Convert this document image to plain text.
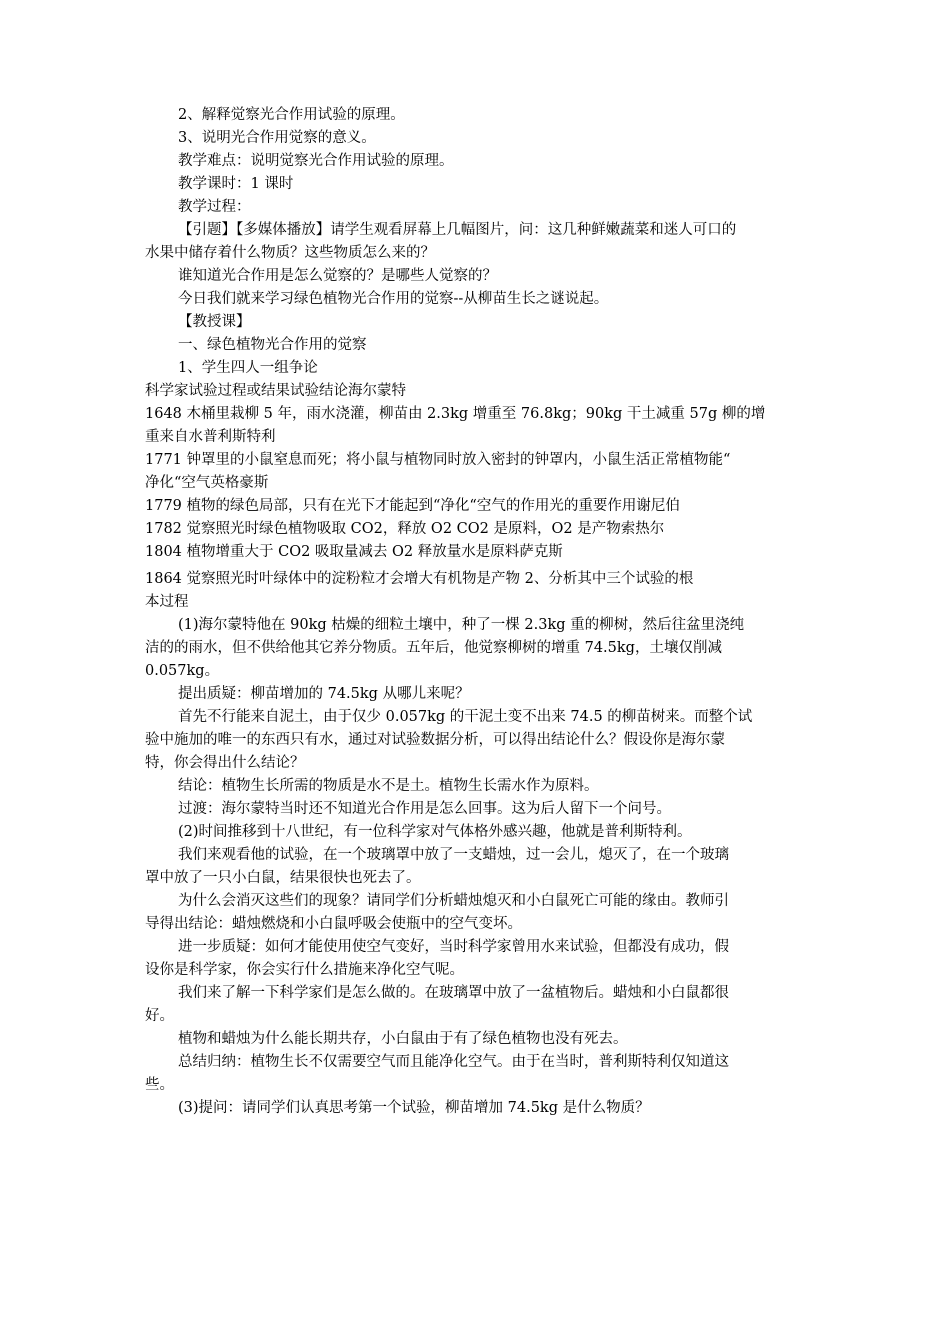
2、解释觉察光合作用试验的原理。
3、说明光合作用觉察的意义。
教学难点：说明觉察光合作用试验的原理。
教学课时：1 课时
教学过程：
【引题】【多媒体播放】请学生观看屏幕上几幅图片，问：这几种鲜嫩蔬菜和迷人可口的
水果中储存着什么物质？这些物质怎么来的？
谁知道光合作用是怎么觉察的？是哪些人觉察的？
今日我们就来学习绿色植物光合作用的觉察--从柳苗生长之谜说起。
【教授课】
一、绿色植物光合作用的觉察
1、学生四人一组争论
科学家试验过程或结果试验结论海尔蒙特
1648 木桶里栽柳 5 年，雨水浇灌，柳苗由 2.3kg 增重至 76.8kg；90kg 干土减重 57g 柳的增
重来自水普利斯特利
1771 钟罩里的小鼠窒息而死；将小鼠与植物同时放入密封的钟罩内，小鼠生活正常植物能“
净化“空气英格豪斯
1779 植物的绿色局部，只有在光下才能起到“净化“空气的作用光的重要作用谢尼伯
1782 觉察照光时绿色植物吸取 CO2，释放 O2 CO2 是原料，O2 是产物索热尔
1804 植物增重大于 CO2 吸取量减去 O2 释放量水是原料萨克斯
1864 觉察照光时叶绿体中的淀粉粒才会增大有机物是产物 2、分析其中三个试验的根
本过程
(1)海尔蒙特他在 90kg 枯燥的细粒土壤中，种了一棵 2.3kg 重的柳树，然后往盆里浇纯
洁的的雨水，但不供给他其它养分物质。五年后，他觉察柳树的增重 74.5kg，土壤仅削减
0.057kg。
提出质疑：柳苗增加的 74.5kg 从哪儿来呢？
首先不行能来自泥土，由于仅少 0.057kg 的干泥土变不出来 74.5 的柳苗树来。而整个试
验中施加的唯一的东西只有水，通过对试验数据分析，可以得出结论什么？假设你是海尔蒙
特，你会得出什么结论？
结论：植物生长所需的物质是水不是土。植物生长需水作为原料。
过渡：海尔蒙特当时还不知道光合作用是怎么回事。这为后人留下一个问号。
(2)时间推移到十八世纪，有一位科学家对气体格外感兴趣，他就是普利斯特利。
我们来观看他的试验，在一个玻璃罩中放了一支蜡烛，过一会儿，熄灭了，在一个玻璃
罩中放了一只小白鼠，结果很快也死去了。
为什么会消灭这些们的现象？请同学们分析蜡烛熄灭和小白鼠死亡可能的缘由。教师引
导得出结论：蜡烛燃烧和小白鼠呼吸会使瓶中的空气变坏。
进一步质疑：如何才能使用使空气变好，当时科学家曾用水来试验，但都没有成功，假
设你是科学家，你会实行什么措施来净化空气呢。
我们来了解一下科学家们是怎么做的。在玻璃罩中放了一盆植物后。蜡烛和小白鼠都很
好。
植物和蜡烛为什么能长期共存，小白鼠由于有了绿色植物也没有死去。
总结归纳：植物生长不仅需要空气而且能净化空气。由于在当时，普利斯特利仅知道这
些。
(3)提问：请同学们认真思考第一个试验，柳苗增加 74.5kg 是什么物质？
